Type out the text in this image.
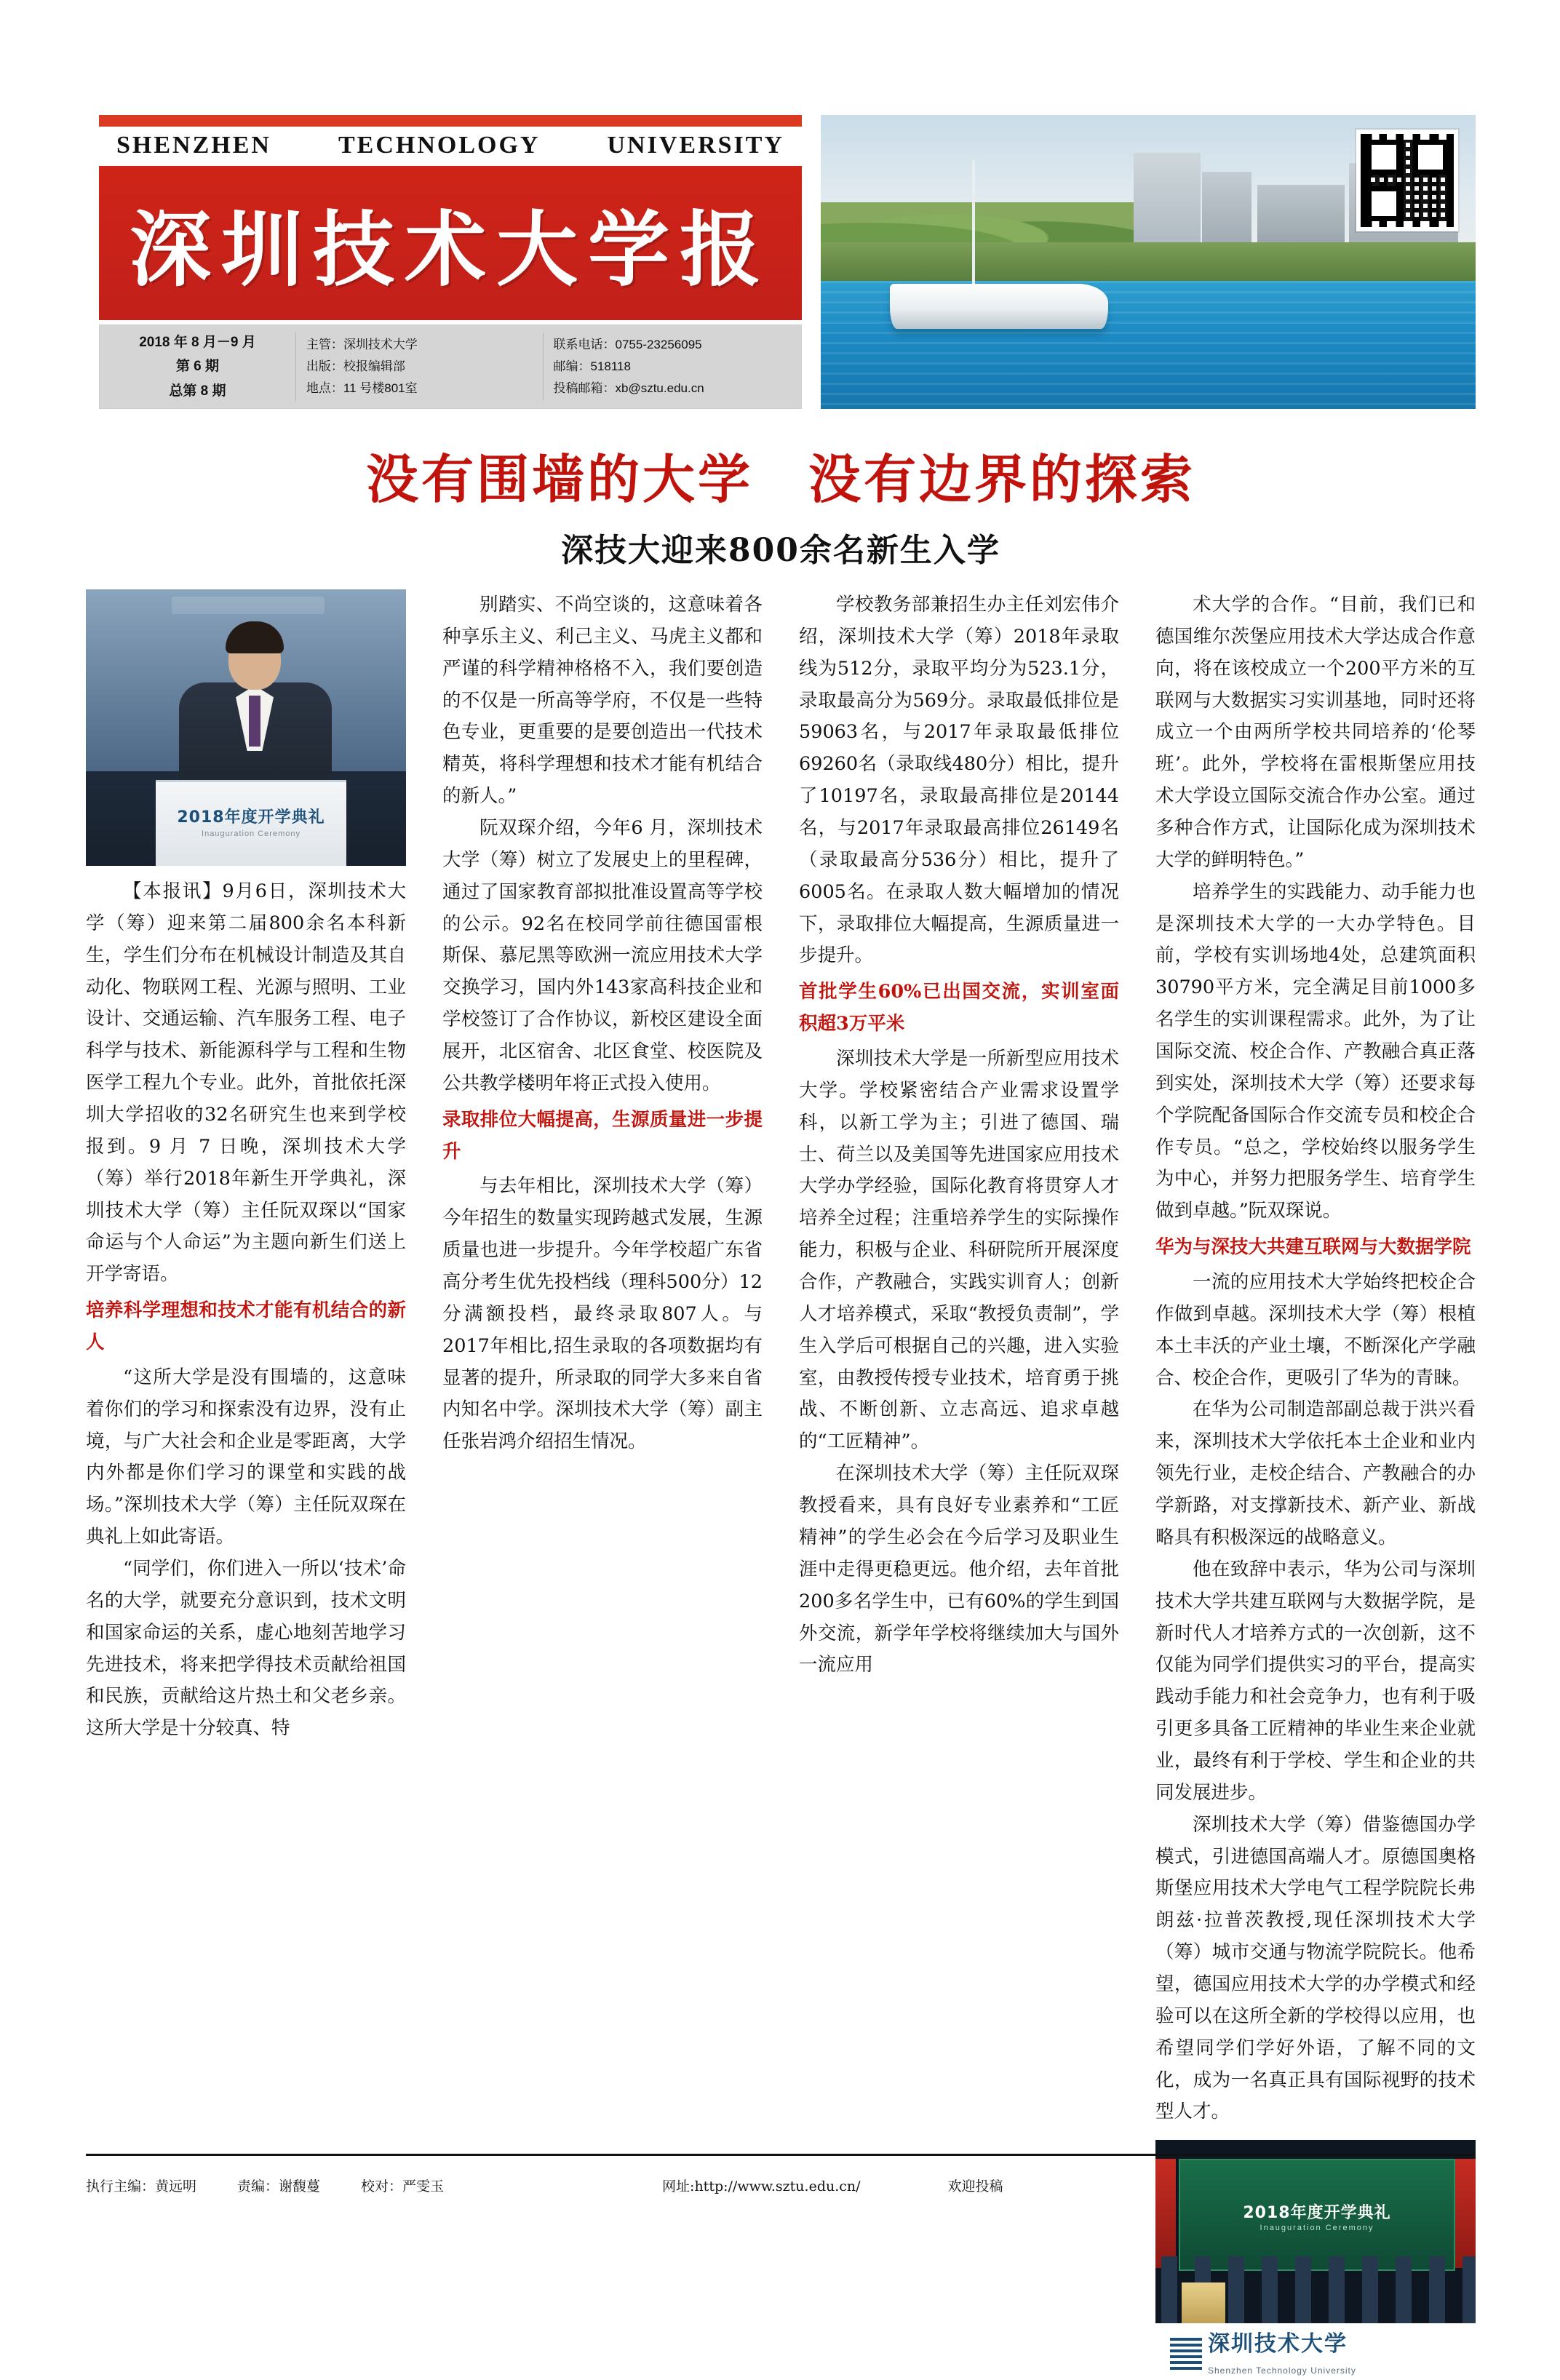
SHENZHEN	TECHNOLOGY	UNIVERSITY
深圳技术大学报
2018 年 8 月－9 月
第 6 期
总第 8 期
主管：深圳技术大学
出版：校报编辑部
地点：11 号楼801室
联系电话：0755-23256095
邮编：518118
投稿邮箱：xb@sztu.edu.cn
没有围墙的大学　没有边界的探索
深技大迎来800余名新生入学
2018年度开学典礼
Inauguration Ceremony

【本报讯】9月6日，深圳技术大学（筹）迎来第二届800余名本科新生，学生们分布在机械设计制造及其自动化、物联网工程、光源与照明、工业设计、交通运输、汽车服务工程、电子科学与技术、新能源科学与工程和生物医学工程九个专业。此外，首批依托深圳大学招收的32名研究生也来到学校报到。9 月 7 日晚，深圳技术大学（筹）举行2018年新生开学典礼，深圳技术大学（筹）主任阮双琛以“国家命运与个人命运”为主题向新生们送上开学寄语。

培养科学理想和技术才能有机结合的新人

“这所大学是没有围墙的，这意味着你们的学习和探索没有边界，没有止境，与广大社会和企业是零距离，大学内外都是你们学习的课堂和实践的战场。”深圳技术大学（筹）主任阮双琛在典礼上如此寄语。

“同学们，你们进入一所以‘技术’命名的大学，就要充分意识到，技术文明和国家命运的关系，虚心地刻苦地学习先进技术，将来把学得技术贡献给祖国和民族，贡献给这片热土和父老乡亲。这所大学是十分较真、特

别踏实、不尚空谈的，这意味着各种享乐主义、利己主义、马虎主义都和严谨的科学精神格格不入，我们要创造的不仅是一所高等学府，不仅是一些特色专业，更重要的是要创造出一代技术精英，将科学理想和技术才能有机结合的新人。”

阮双琛介绍，今年6 月，深圳技术大学（筹）树立了发展史上的里程碑，通过了国家教育部拟批准设置高等学校的公示。92名在校同学前往德国雷根斯保、慕尼黑等欧洲一流应用技术大学交换学习，国内外143家高科技企业和学校签订了合作协议，新校区建设全面展开，北区宿舍、北区食堂、校医院及公共教学楼明年将正式投入使用。

录取排位大幅提高，生源质量进一步提升

与去年相比，深圳技术大学（筹）今年招生的数量实现跨越式发展，生源质量也进一步提升。今年学校超广东省高分考生优先投档线（理科500分）12分满额投档，最终录取807人。与2017年相比,招生录取的各项数据均有显著的提升，所录取的同学大多来自省内知名中学。深圳技术大学（筹）副主任张岩鸿介绍招生情况。

学校教务部兼招生办主任刘宏伟介绍，深圳技术大学（筹）2018年录取线为512分，录取平均分为523.1分，录取最高分为569分。录取最低排位是59063名，与2017年录取最低排位69260名（录取线480分）相比，提升了10197名，录取最高排位是20144名，与2017年录取最高排位26149名（录取最高分536分）相比，提升了6005名。在录取人数大幅增加的情况下，录取排位大幅提高，生源质量进一步提升。

首批学生60%已出国交流，实训室面积超3万平米

深圳技术大学是一所新型应用技术大学。学校紧密结合产业需求设置学科，以新工学为主；引进了德国、瑞士、荷兰以及美国等先进国家应用技术大学办学经验，国际化教育将贯穿人才培养全过程；注重培养学生的实际操作能力，积极与企业、科研院所开展深度合作，产教融合，实践实训育人；创新人才培养模式，采取“教授负责制”，学生入学后可根据自己的兴趣，进入实验室，由教授传授专业技术，培育勇于挑战、不断创新、立志高远、追求卓越的“工匠精神”。

在深圳技术大学（筹）主任阮双琛教授看来，具有良好专业素养和“工匠精神”的学生必会在今后学习及职业生涯中走得更稳更远。他介绍，去年首批200多名学生中，已有60%的学生到国外交流，新学年学校将继续加大与国外一流应用

术大学的合作。“目前，我们已和德国维尔茨堡应用技术大学达成合作意向，将在该校成立一个200平方米的互联网与大数据实习实训基地，同时还将成立一个由两所学校共同培养的‘伦琴班’。此外，学校将在雷根斯堡应用技术大学设立国际交流合作办公室。通过多种合作方式，让国际化成为深圳技术大学的鲜明特色。”

培养学生的实践能力、动手能力也是深圳技术大学的一大办学特色。目前，学校有实训场地4处，总建筑面积30790平方米，完全满足目前1000多名学生的实训课程需求。此外，为了让国际交流、校企合作、产教融合真正落到实处，深圳技术大学（筹）还要求每个学院配备国际合作交流专员和校企合作专员。“总之，学校始终以服务学生为中心，并努力把服务学生、培育学生做到卓越。”阮双琛说。

华为与深技大共建互联网与大数据学院

一流的应用技术大学始终把校企合作做到卓越。深圳技术大学（筹）根植本土丰沃的产业土壤，不断深化产学融合、校企合作，更吸引了华为的青睐。

在华为公司制造部副总裁于洪兴看来，深圳技术大学依托本土企业和业内领先行业，走校企结合、产教融合的办学新路，对支撑新技术、新产业、新战略具有积极深远的战略意义。

他在致辞中表示，华为公司与深圳技术大学共建互联网与大数据学院，是新时代人才培养方式的一次创新，这不仅能为同学们提供实习的平台，提高实践动手能力和社会竞争力，也有利于吸引更多具备工匠精神的毕业生来企业就业，最终有利于学校、学生和企业的共同发展进步。

深圳技术大学（筹）借鉴德国办学模式，引进德国高端人才。原德国奥格斯堡应用技术大学电气工程学院院长弗朗兹·拉普茨教授,现任深圳技术大学（筹）城市交通与物流学院院长。他希望，德国应用技术大学的办学模式和经验可以在这所全新的学校得以应用，也希望同学们学好外语，了解不同的文化，成为一名真正具有国际视野的技术型人才。

2018年度开学典礼
Inauguration Ceremony
深圳技术大学
Shenzhen Technology University
执行主编：黄远明	责编：谢馥蔓	校对：严雯玉	网址:http://www.sztu.edu.cn/	欢迎投稿
